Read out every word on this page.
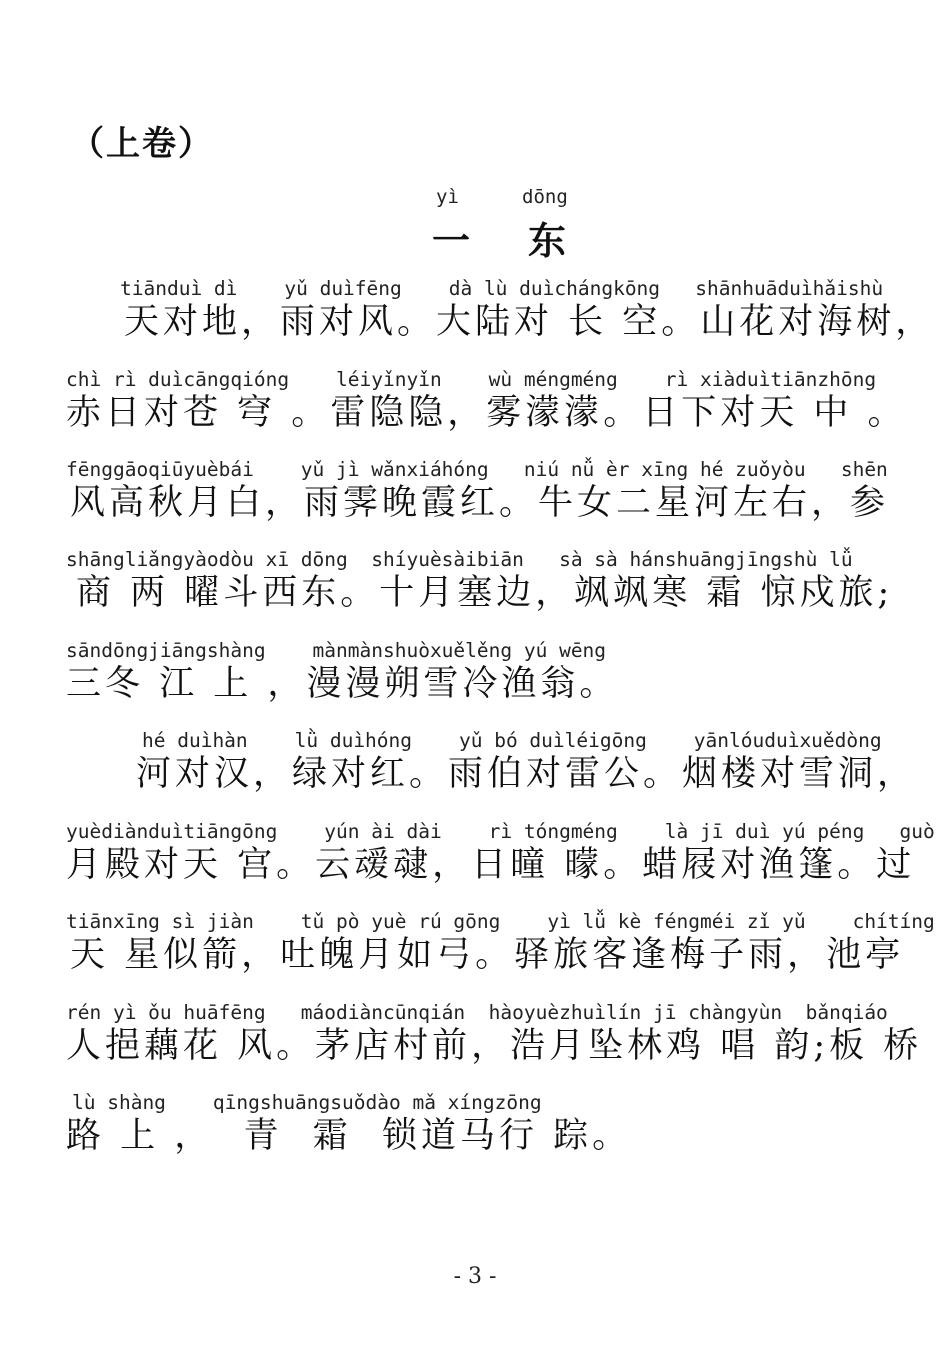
（上卷）
yì	dōng
一 东
tiānduì dì    yǔ duìfēng    dà lù duìchángkōng   shānhuāduìhǎishù
天对地，雨对风。大陆对 长 空。山花对海树，
chì rì duìcāngqióng    léiyǐnyǐn    wù méngméng    rì xiàduìtiānzhōng
赤日对苍 穹 。雷隐隐，雾濛濛。日下对天 中 。
fēnggāoqiūyuèbái    yǔ jì wǎnxiáhóng   niú nǚ èr xīng hé zuǒyòu   shēn
风高秋月白，雨霁晚霞红。牛女二星河左右，参
shāngliǎngyàodòu xī dōng  shíyuèsàibiān   sà sà hánshuāngjīngshù lǚ
商 两 曜斗西东。十月塞边，飒飒寒 霜 惊戍旅;
sāndōngjiāngshàng    mànmànshuòxuělěng yú wēng
三冬 江 上 ，漫漫朔雪冷渔翁。
hé duìhàn    lǜ duìhóng    yǔ bó duìléigōng    yānlóuduìxuědòng
河对汉，绿对红。雨伯对雷公。烟楼对雪洞，
yuèdiànduìtiāngōng    yún ài dài    rì tóngméng    là jī duì yú péng   guò
月殿对天 宫。云叆叇，日曈 曚。蜡屐对渔篷。过
tiānxīng sì jiàn    tǔ pò yuè rú gōng    yì lǚ kè féngméi zǐ yǔ    chítíng
天 星似箭，吐魄月如弓。驿旅客逢梅子雨，池亭
rén yì ǒu huāfēng   máodiàncūnqián  hàoyuèzhuìlín jī chàngyùn  bǎnqiáo
人挹藕花 风。茅店村前，浩月坠林鸡 唱 韵;板 桥
lù shàng    qīngshuāngsuǒdào mǎ xíngzōng
路 上 ，  青  霜  锁道马行 踪。
- 3 -
